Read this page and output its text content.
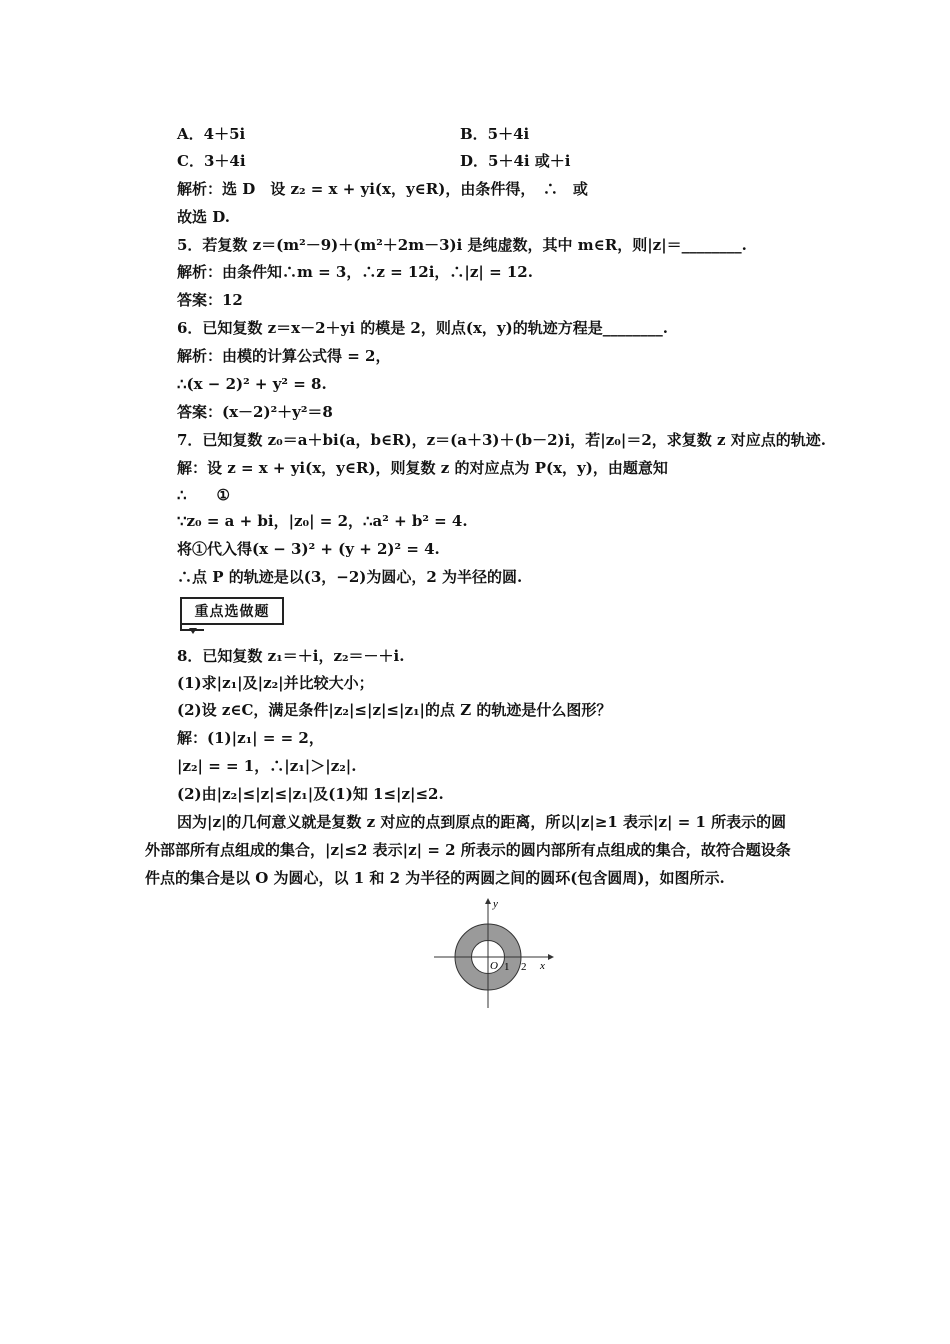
A．4＋5i	B．5＋4i
C．3＋4i	D．5＋4i 或＋i
解析：选 D　设 z₂ = x + yi(x，y∈R)，由条件得，　∴　或
故选 D.
5．若复数 z＝(m²－9)＋(m²＋2m－3)i 是纯虚数，其中 m∈R，则|z|＝________.
解析：由条件知∴m = 3，∴z = 12i，∴|z| = 12.
答案：12
6．已知复数 z＝x－2＋yi 的模是 2，则点(x，y)的轨迹方程是________.
解析：由模的计算公式得 = 2，
∴(x − 2)² + y² = 8.
答案：(x－2)²＋y²＝8
7．已知复数 z₀＝a＋bi(a，b∈R)，z＝(a＋3)＋(b－2)i，若|z₀|＝2，求复数 z 对应点的轨迹.
解：设 z = x + yi(x，y∈R)，则复数 z 的对应点为 P(x，y)，由题意知
∴　　①
∵z₀ = a + bi，|z₀| = 2，∴a² + b² = 4.
将①代入得(x − 3)² + (y + 2)² = 4.
∴点 P 的轨迹是以(3，−2)为圆心，2 为半径的圆.
重点选做题
8．已知复数 z₁＝＋i，z₂＝－＋i.
(1)求|z₁|及|z₂|并比较大小；
(2)设 z∈C，满足条件|z₂|≤|z|≤|z₁|的点 Z 的轨迹是什么图形？
解：(1)|z₁| = = 2，
|z₂| = = 1，∴|z₁|＞|z₂|.
(2)由|z₂|≤|z|≤|z₁|及(1)知 1≤|z|≤2.
因为|z|的几何意义就是复数 z 对应的点到原点的距离，所以|z|≥1 表示|z| = 1 所表示的圆
外部部所有点组成的集合，|z|≤2 表示|z| = 2 所表示的圆内部所有点组成的集合，故符合题设条
件点的集合是以 O 为圆心，以 1 和 2 为半径的两圆之间的圆环(包含圆周)，如图所示.
y
x
O 1 2
